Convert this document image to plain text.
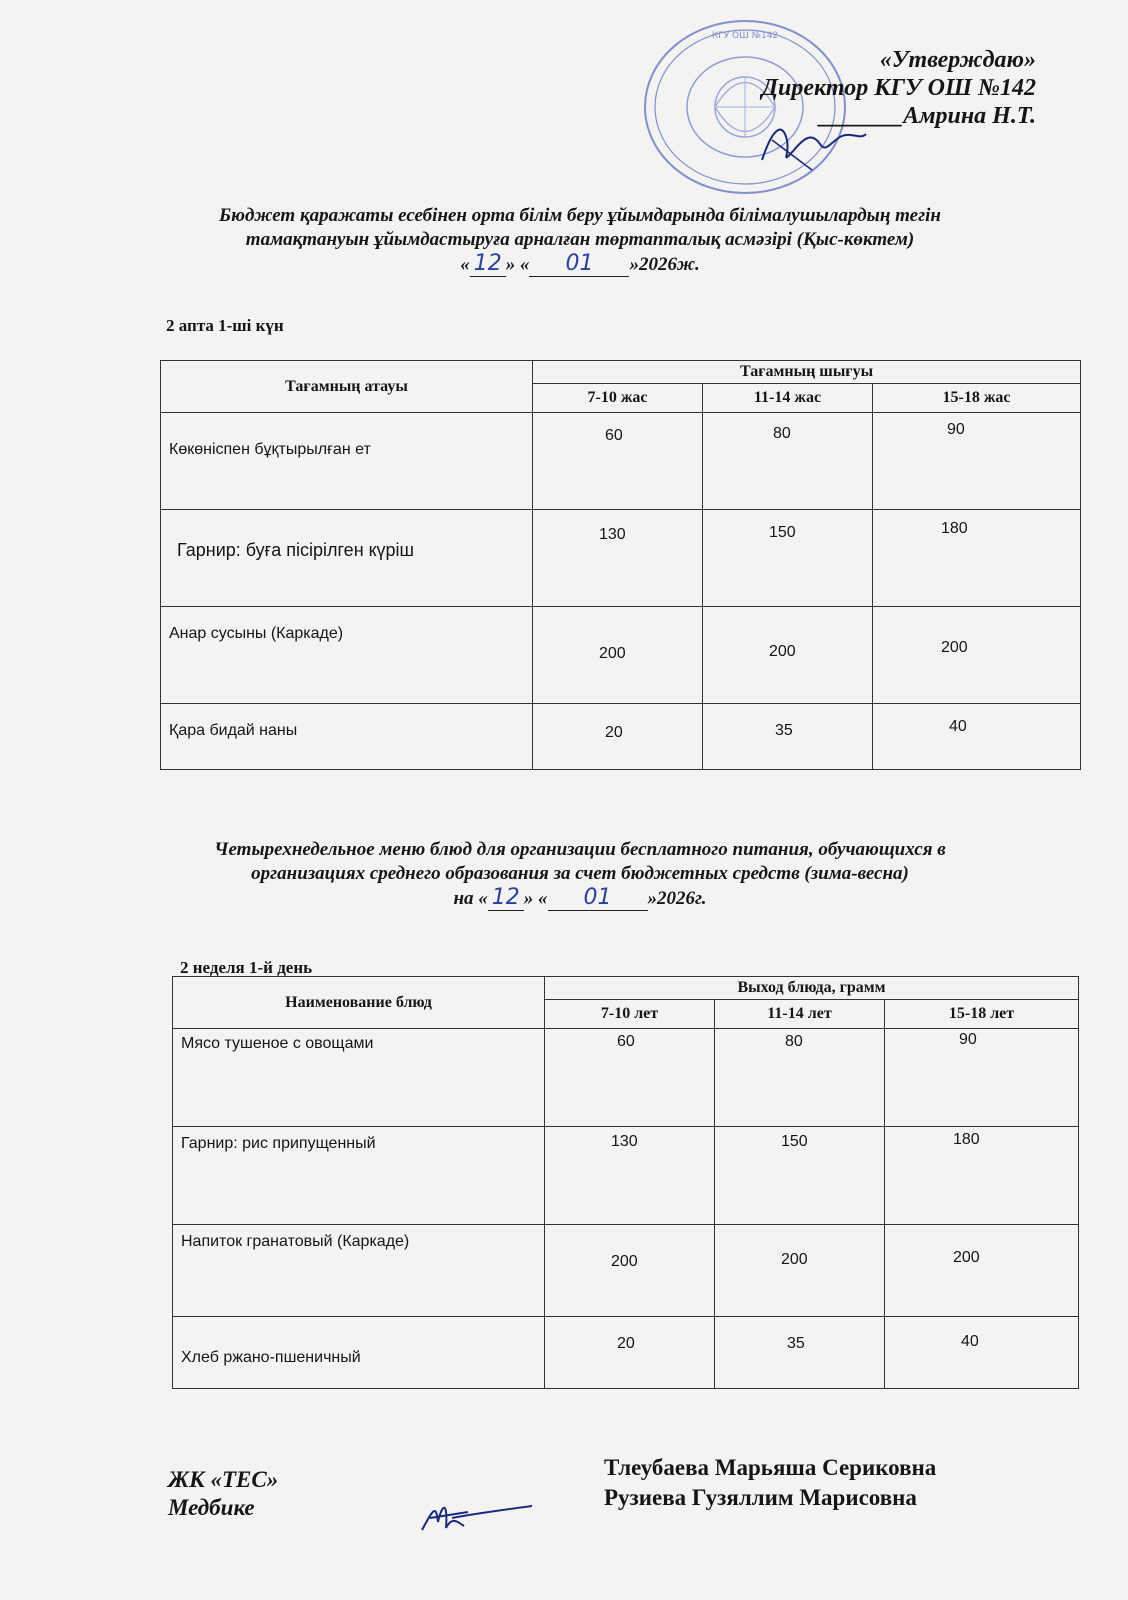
КГУ ОШ №142
«Утверждаю»
Директор КГУ ОШ №142
_______Амрина Н.Т.
Бюджет қаражаты есебінен орта білім беру ұйымдарында білімалушылардың тегін
тамақтануын ұйымдастыруға арналған төртапталық асмәзірі (Қыс-көктем)
« 12 » « 01 »2026ж.
2 апта 1-ші күн
Тағамның атауы	Тағамның шығуы		
	7-10 жас	11-14 жас	15-18 жас

Көкөніспен бұқтырылған ет	60	80	90

Гарнир: буға пісірілген күріш	130	150	180

Анар сусыны (Каркаде)	200	200	200

Қара бидай наны	20	35	40
Четырехнедельное меню блюд для организации бесплатного питания, обучающихся в
организациях среднего образования за счет бюджетных средств (зима-весна)
на « 12 » « 01 »2026г.
2 неделя 1-й день
Наименование блюд	Выход блюда, грамм		
	7-10 лет	11-14 лет	15-18 лет

Мясо тушеное с овощами	60	80	90

Гарнир: рис припущенный	130	150	180

Напиток гранатовый (Каркаде)	200	200	200

Хлеб ржано-пшеничный	20	35	40
ЖК «ТЕС»
Медбике
Тлеубаева Марьяша Сериковна
Рузиева Гузяллим Марисовна
